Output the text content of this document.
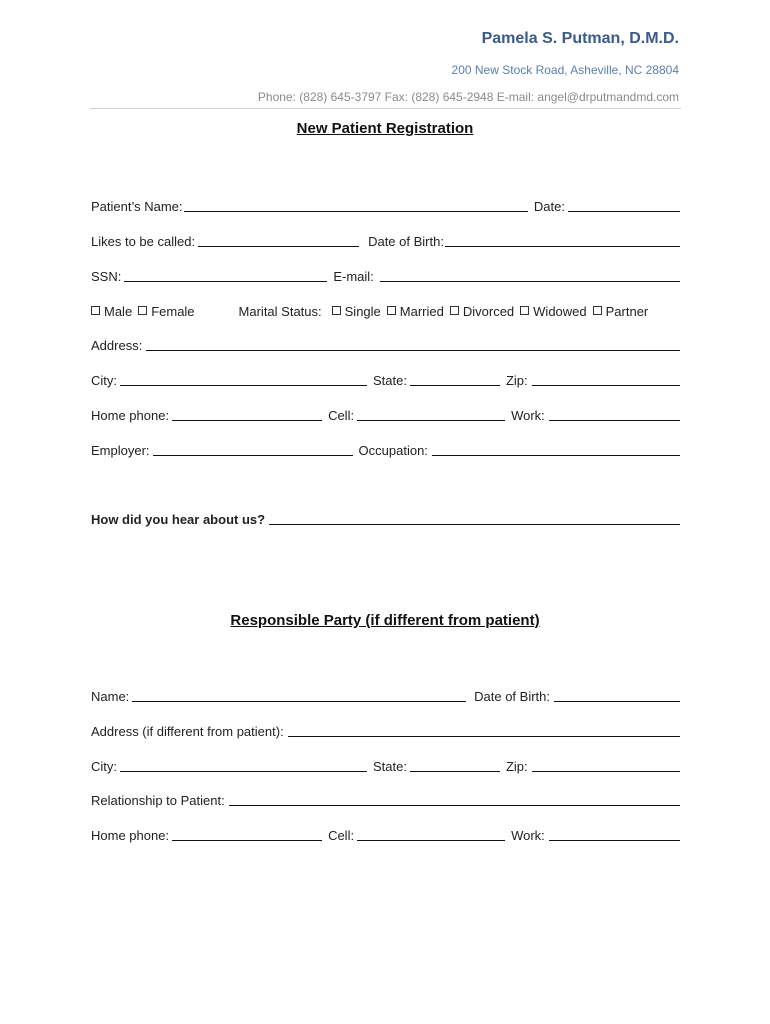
Pamela S. Putman, D.M.D.
200 New Stock Road, Asheville, NC 28804
Phone: (828) 645-3797 Fax: (828) 645-2948 E-mail: angel@drputmandmd.com
New Patient Registration
Patient’s Name:	Date:
Likes to be called:	Date of Birth:
SSN:	E-mail:
Male	Female	Marital Status:	Single	Married	Divorced	Widowed	Partner
Address:
City:	State:	Zip:
Home phone:	Cell:	Work:
Employer:	Occupation:
How did you hear about us?
Responsible Party (if different from patient)
Name:	Date of Birth:
Address (if different from patient):
City:	State:	Zip:
Relationship to Patient:
Home phone:	Cell:	Work:
